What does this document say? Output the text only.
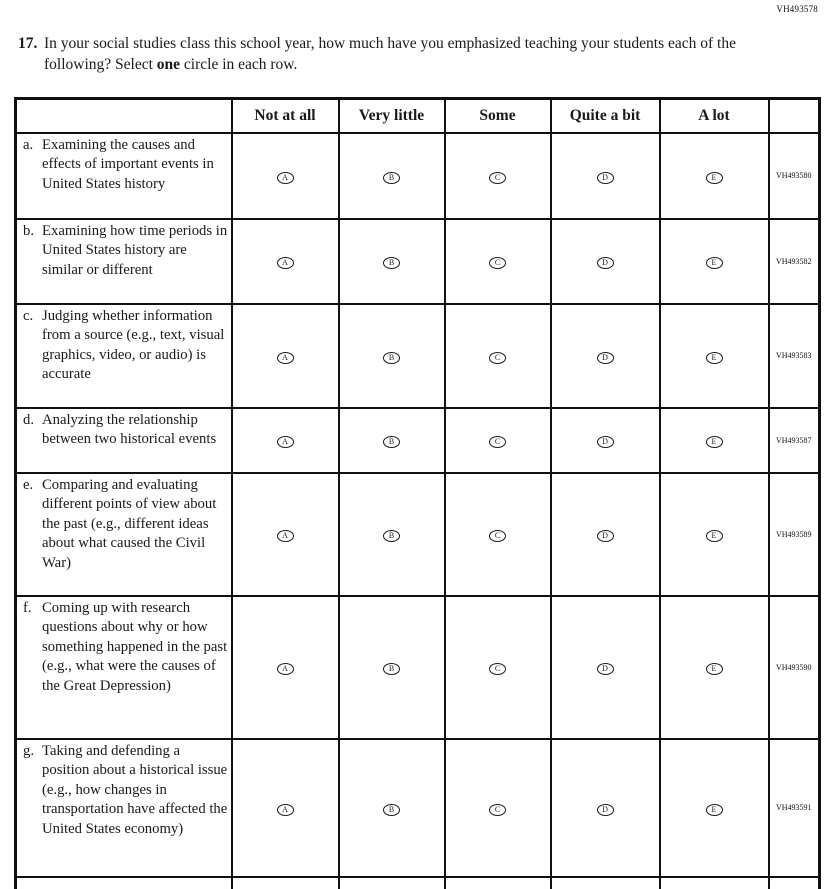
VH493578
17. In your social studies class this school year, how much have you emphasized teaching your students each of the following? Select one circle in each row.
	Not at all	Very little	Some	Quite a bit	A lot	

a. Examining the causes and effects of important events in United States history	A	B	C	D	E	VH493580

b. Examining how time periods in United States history are similar or different	A	B	C	D	E	VH493582

c. Judging whether information from a source (e.g., text, visual graphics, video, or audio) is accurate	A	B	C	D	E	VH493583

d. Analyzing the relationship between two historical events	A	B	C	D	E	VH493587

e. Comparing and evaluating different points of view about the past (e.g., different ideas about what caused the Civil War)	A	B	C	D	E	VH493589

f. Coming up with research questions about why or how something happened in the past (e.g., what were the causes of the Great Depression)	A	B	C	D	E	VH493590

g. Taking and defending a position about a historical issue (e.g., how changes in transportation have affected the United States economy)	A	B	C	D	E	VH493591
